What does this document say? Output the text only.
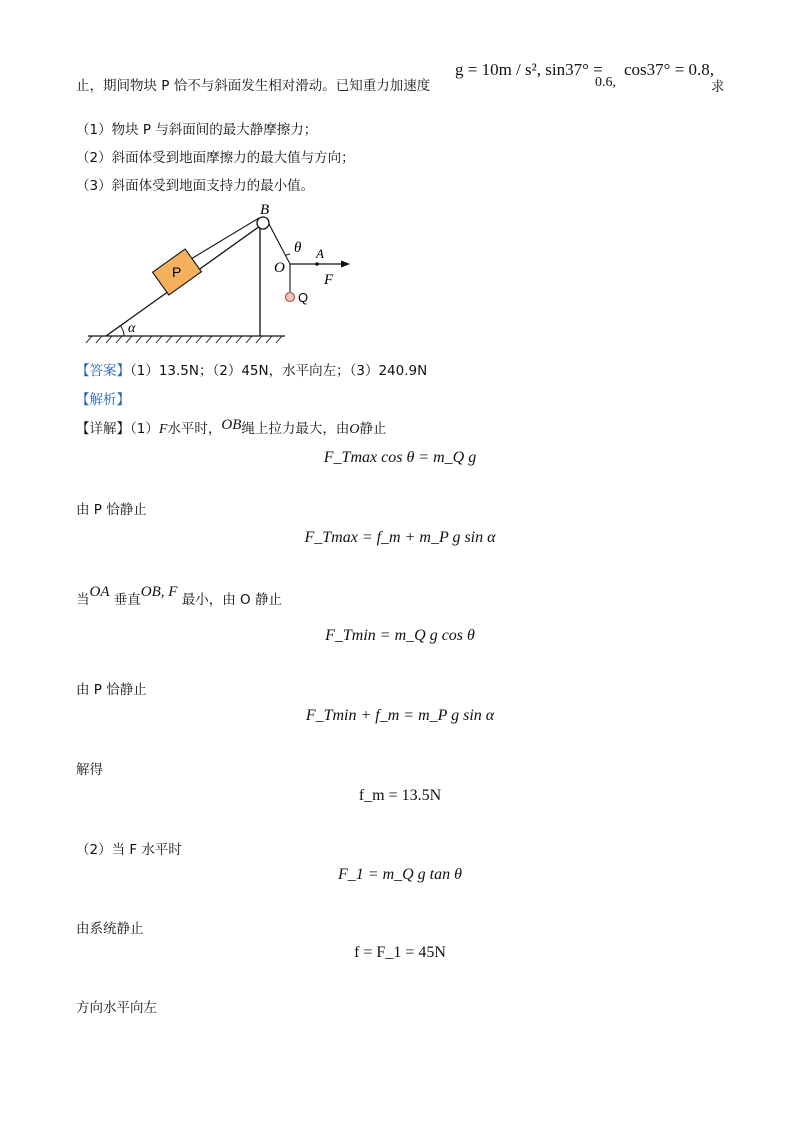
止，期间物块 P 恰不与斜面发生相对滑动。已知重力加速度
g = 10m / s², sin37° =
0.6,
cos37° = 0.8,
求
（1）物块 P 与斜面间的最大静摩擦力；
（2）斜面体受到地面摩擦力的最大值与方向；
（3）斜面体受到地面支持力的最小值。
α
P
B
θ A
O
F
Q
【答案】（1）13.5N；（2）45N，水平向左；（3）240.9N
【解析】
【详解】（1）F水平时，OB绳上拉力最大，由O静止
F_Tmax cos θ = m_Q g
由 P 恰静止
F_Tmax = f_m + m_P g sin α
当OA 垂直OB, F 最小，由 O 静止
F_Tmin = m_Q g cos θ
由 P 恰静止
F_Tmin + f_m = m_P g sin α
解得
f_m = 13.5N
（2）当 F 水平时
F_1 = m_Q g tan θ
由系统静止
f = F_1 = 45N
方向水平向左
